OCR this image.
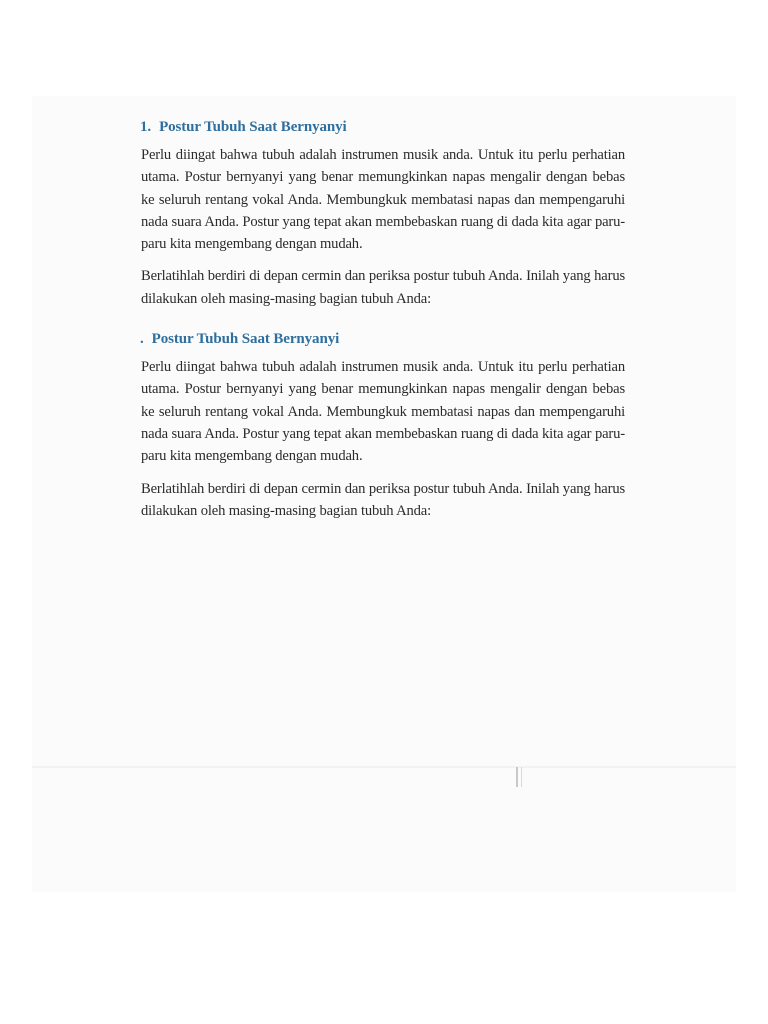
1. Postur Tubuh Saat Bernyanyi

Perlu diingat bahwa tubuh adalah instrumen musik anda. Untuk itu perlu perhatian utama. Postur bernyanyi yang benar memungkinkan napas mengalir dengan bebas ke seluruh rentang vokal Anda. Membungkuk membatasi napas dan mempengaruhi nada suara Anda. Postur yang tepat akan membebaskan ruang di dada kita agar paru-paru kita mengembang dengan mudah.

Berlatihlah berdiri di depan cermin dan periksa postur tubuh Anda. Inilah yang harus dilakukan oleh masing-masing bagian tubuh Anda:

. Postur Tubuh Saat Bernyanyi

Perlu diingat bahwa tubuh adalah instrumen musik anda. Untuk itu perlu perhatian utama. Postur bernyanyi yang benar memungkinkan napas mengalir dengan bebas ke seluruh rentang vokal Anda. Membungkuk membatasi napas dan mempengaruhi nada suara Anda. Postur yang tepat akan membebaskan ruang di dada kita agar paru-paru kita mengembang dengan mudah.

Berlatihlah berdiri di depan cermin dan periksa postur tubuh Anda. Inilah yang harus dilakukan oleh masing-masing bagian tubuh Anda:
